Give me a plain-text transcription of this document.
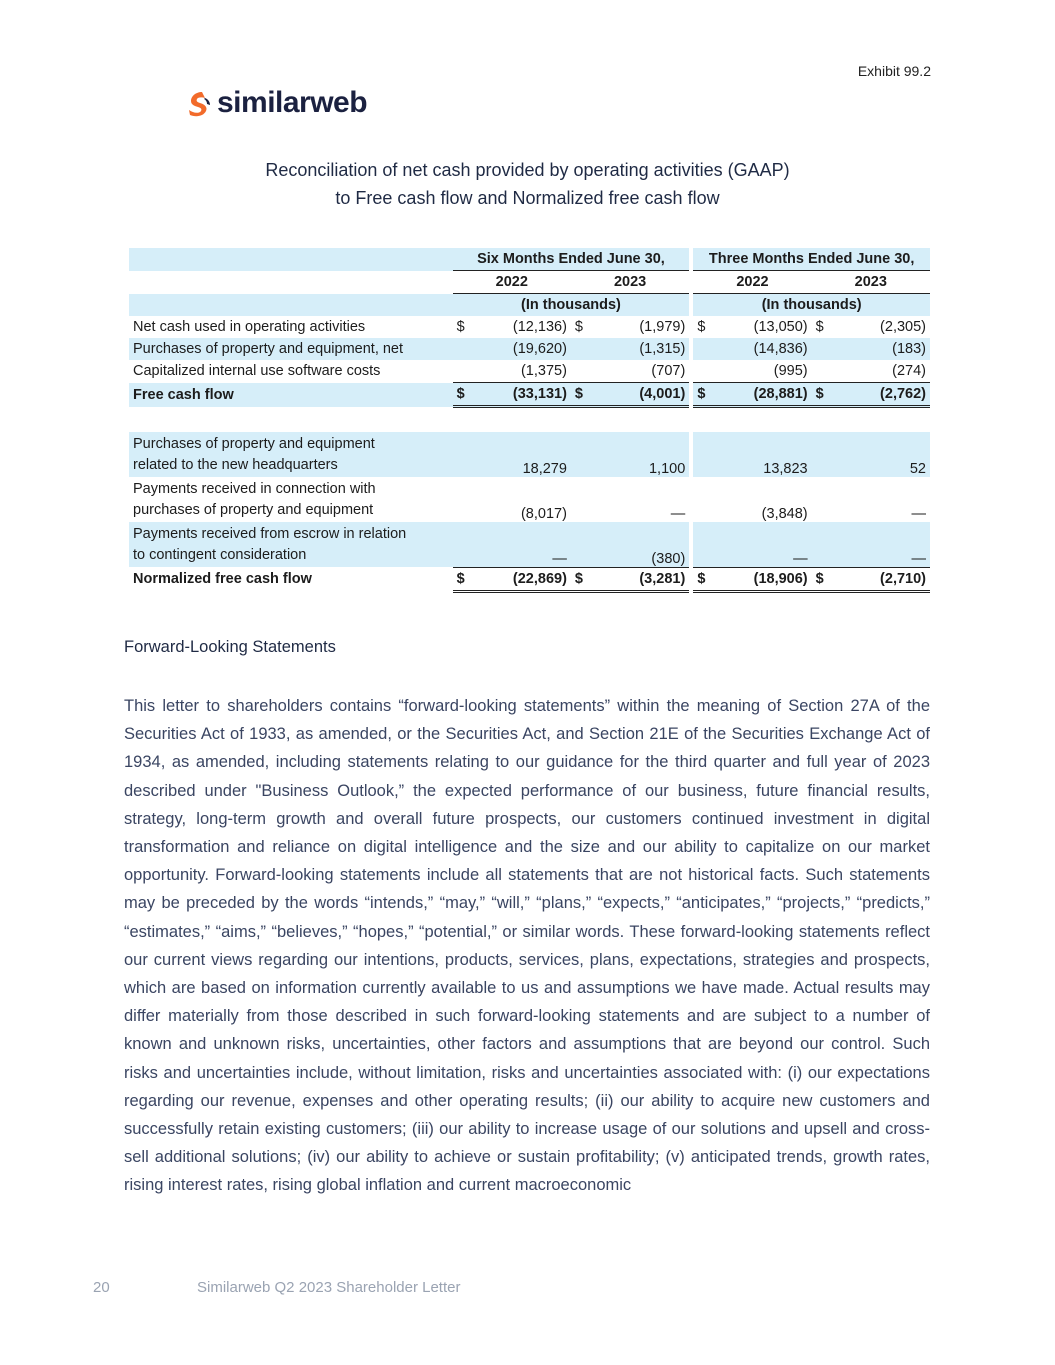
Exhibit 99.2
similarweb
Reconciliation of net cash provided by operating activities (GAAP)
to Free cash flow and Normalized free cash flow
	Six Months Ended June 30,					Three Months Ended June 30,			
	2022		2023			2022		2023	
	(In thousands)					(In thousands)			
Net cash used in operating activities	$	(12,136)	$	(1,979)		$	(13,050)	$	(2,305)
Purchases of property and equipment, net		(19,620)		(1,315)			(14,836)		(183)
Capitalized internal use software costs		(1,375)		(707)			(995)		(274)
Free cash flow	$	(33,131)	$	(4,001)		$	(28,881)	$	(2,762)

Purchases of property and equipment
related to the new headquarters		18,279		1,100			13,823		52
Payments received in connection with
purchases of property and equipment		(8,017)		—			(3,848)		—
Payments received from escrow in relation
to contingent consideration		—		(380)			—		—
Normalized free cash flow	$	(22,869)	$	(3,281)		$	(18,906)	$	(2,710)
Forward-Looking Statements
This letter to shareholders contains “forward-looking statements” within the meaning of Section 27A of the Securities Act of 1933, as amended, or the Securities Act, and Section 21E of the Securities Exchange Act of 1934, as amended, including statements relating to our guidance for the third quarter and full year of 2023 described under "Business Outlook,” the expected performance of our business, future financial results, strategy, long-term growth and overall future prospects, our customers continued investment in digital transformation and reliance on digital intelligence and the size and our ability to capitalize on our market opportunity. Forward-looking statements include all statements that are not historical facts. Such statements may be preceded by the words “intends,” “may,” “will,” “plans,” “expects,” “anticipates,” “projects,” “predicts,” “estimates,” “aims,” “believes,” “hopes,” “potential,” or similar words. These forward-looking statements reflect our current views regarding our intentions, products, services, plans, expectations, strategies and prospects, which are based on information currently available to us and assumptions we have made. Actual results may differ materially from those described in such forward-looking statements and are subject to a number of known and unknown risks, uncertainties, other factors and assumptions that are beyond our control. Such risks and uncertainties include, without limitation, risks and uncertainties associated with: (i) our expectations regarding our revenue, expenses and other operating results; (ii) our ability to acquire new customers and successfully retain existing customers; (iii) our ability to increase usage of our solutions and upsell and cross-sell additional solutions; (iv) our ability to achieve or sustain profitability; (v) anticipated trends, growth rates, rising interest rates, rising global inflation and current macroeconomic
20	Similarweb Q2 2023 Shareholder Letter
